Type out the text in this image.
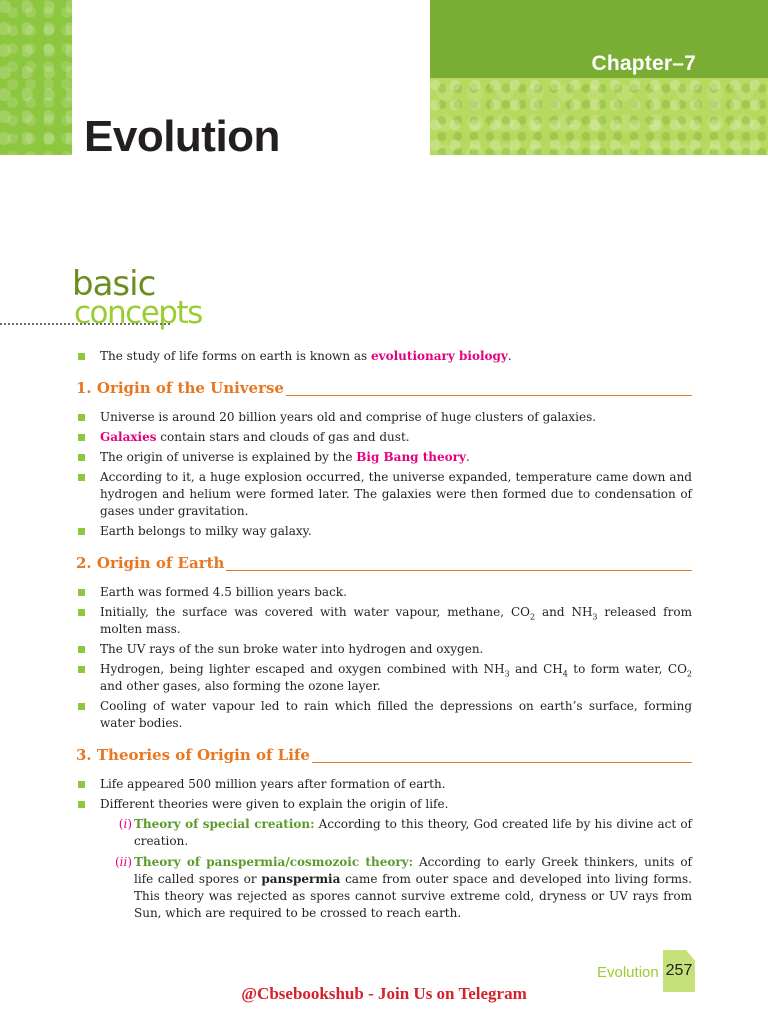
Chapter–7
Evolution
basic
concepts
The study of life forms on earth is known as evolutionary biology.
1. Origin of the Universe
Universe is around 20 billion years old and comprise of huge clusters of galaxies.
Galaxies contain stars and clouds of gas and dust.
The origin of universe is explained by the Big Bang theory.
According to it, a huge explosion occurred, the universe expanded, temperature came down and hydrogen and helium were formed later. The galaxies were then formed due to condensation of gases under gravitation.
Earth belongs to milky way galaxy.
2. Origin of Earth
Earth was formed 4.5 billion years back.
Initially, the surface was covered with water vapour, methane, $CO_2$ and $NH_3$ released from molten mass.
The UV rays of the sun broke water into hydrogen and oxygen.
Hydrogen, being lighter escaped and oxygen combined with $NH_3$ and $CH_4$ to form water, $CO_2$ and other gases, also forming the ozone layer.
Cooling of water vapour led to rain which filled the depressions on earth’s surface, forming water bodies.
3. Theories of Origin of Life
Life appeared 500 million years after formation of earth.
Different theories were given to explain the origin of life.
(i) Theory of special creation: According to this theory, God created life by his divine act of creation.
(ii) Theory of panspermia/cosmozoic theory: According to early Greek thinkers, units of life called spores or panspermia came from outer space and developed into living forms. This theory was rejected as spores cannot survive extreme cold, dryness or UV rays from Sun, which are required to be crossed to reach earth.
Evolution 257
@Cbsebookshub - Join Us on Telegram
